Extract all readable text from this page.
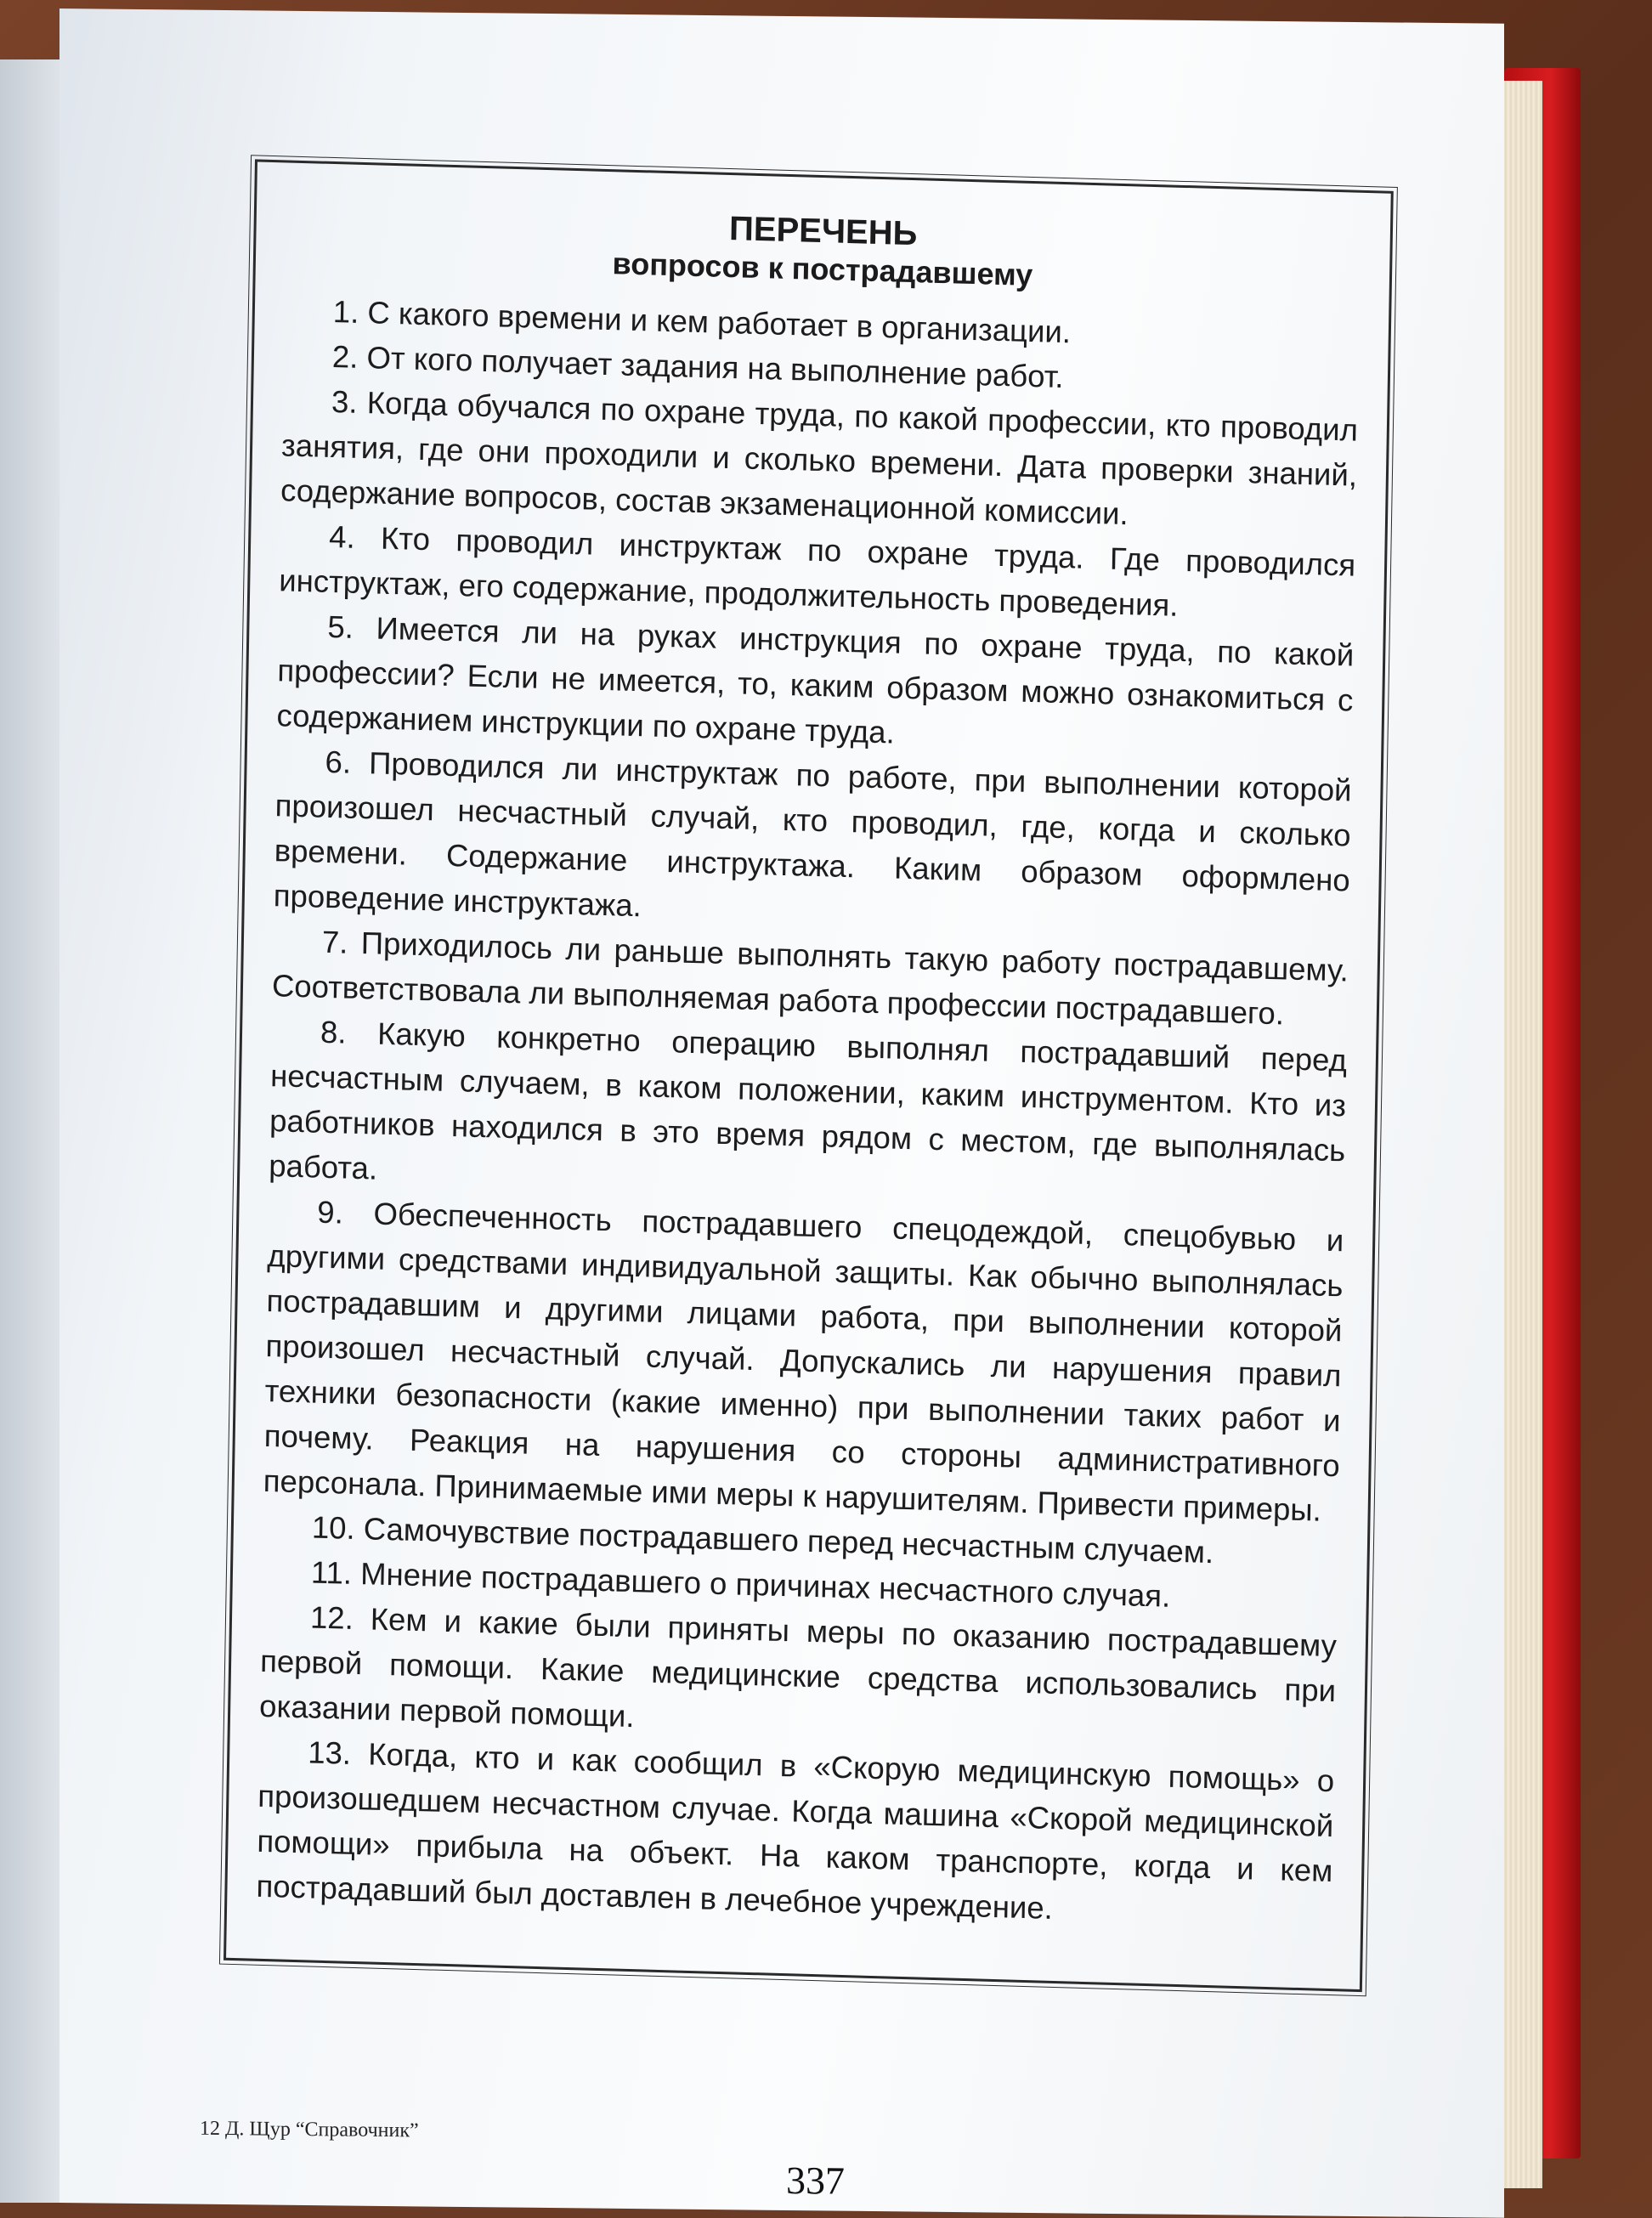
ПЕРЕЧЕНЬ

вопросов к пострадавшему

1. С какого времени и кем работает в организации.

2. От кого получает задания на выполнение работ.

3. Когда обучался по охране труда, по какой профессии, кто проводил занятия, где они проходили и сколько времени. Дата проверки знаний, содержание вопросов, состав экзаменационной комиссии.

4. Кто проводил инструктаж по охране труда. Где проводился инструктаж, его содержание, продолжительность проведения.

5. Имеется ли на руках инструкция по охране труда, по какой профессии? Если не имеется, то, каким образом можно ознакомиться с содержанием инструкции по охране труда.

6. Проводился ли инструктаж по работе, при выполнении которой произошел несчастный случай, кто проводил, где, когда и сколько времени. Содержание инструктажа. Каким образом оформлено проведение инструктажа.

7. Приходилось ли раньше выполнять такую работу пострадавшему. Соответствовала ли выполняемая работа профессии пострадавшего.

8. Какую конкретно операцию выполнял пострадавший перед несчастным случаем, в каком положении, каким инструментом. Кто из работников находился в это время рядом с местом, где выполнялась работа.

9. Обеспеченность пострадавшего спецодеждой, спецобувью и другими средствами индивидуальной защиты. Как обычно выполнялась пострадавшим и другими лицами работа, при выполнении которой произошел несчастный случай. Допускались ли нарушения правил техники безопасности (какие именно) при выполнении таких работ и почему. Реакция на нарушения со стороны административного персонала. Принимаемые ими меры к нарушителям. Привести примеры.

10. Самочувствие пострадавшего перед несчастным случаем.

11. Мнение пострадавшего о причинах несчастного случая.

12. Кем и какие были приняты меры по оказанию пострадавшему первой помощи. Какие медицинские средства использовались при оказании первой помощи.

13. Когда, кто и как сообщил в «Скорую медицинскую помощь» о произошедшем несчастном случае. Когда машина «Скорой медицинской помощи» прибыла на объект. На каком транспорте, когда и кем пострадавший был доставлен в лечебное учреждение.

12 Д. Щур “Справочник”
337
